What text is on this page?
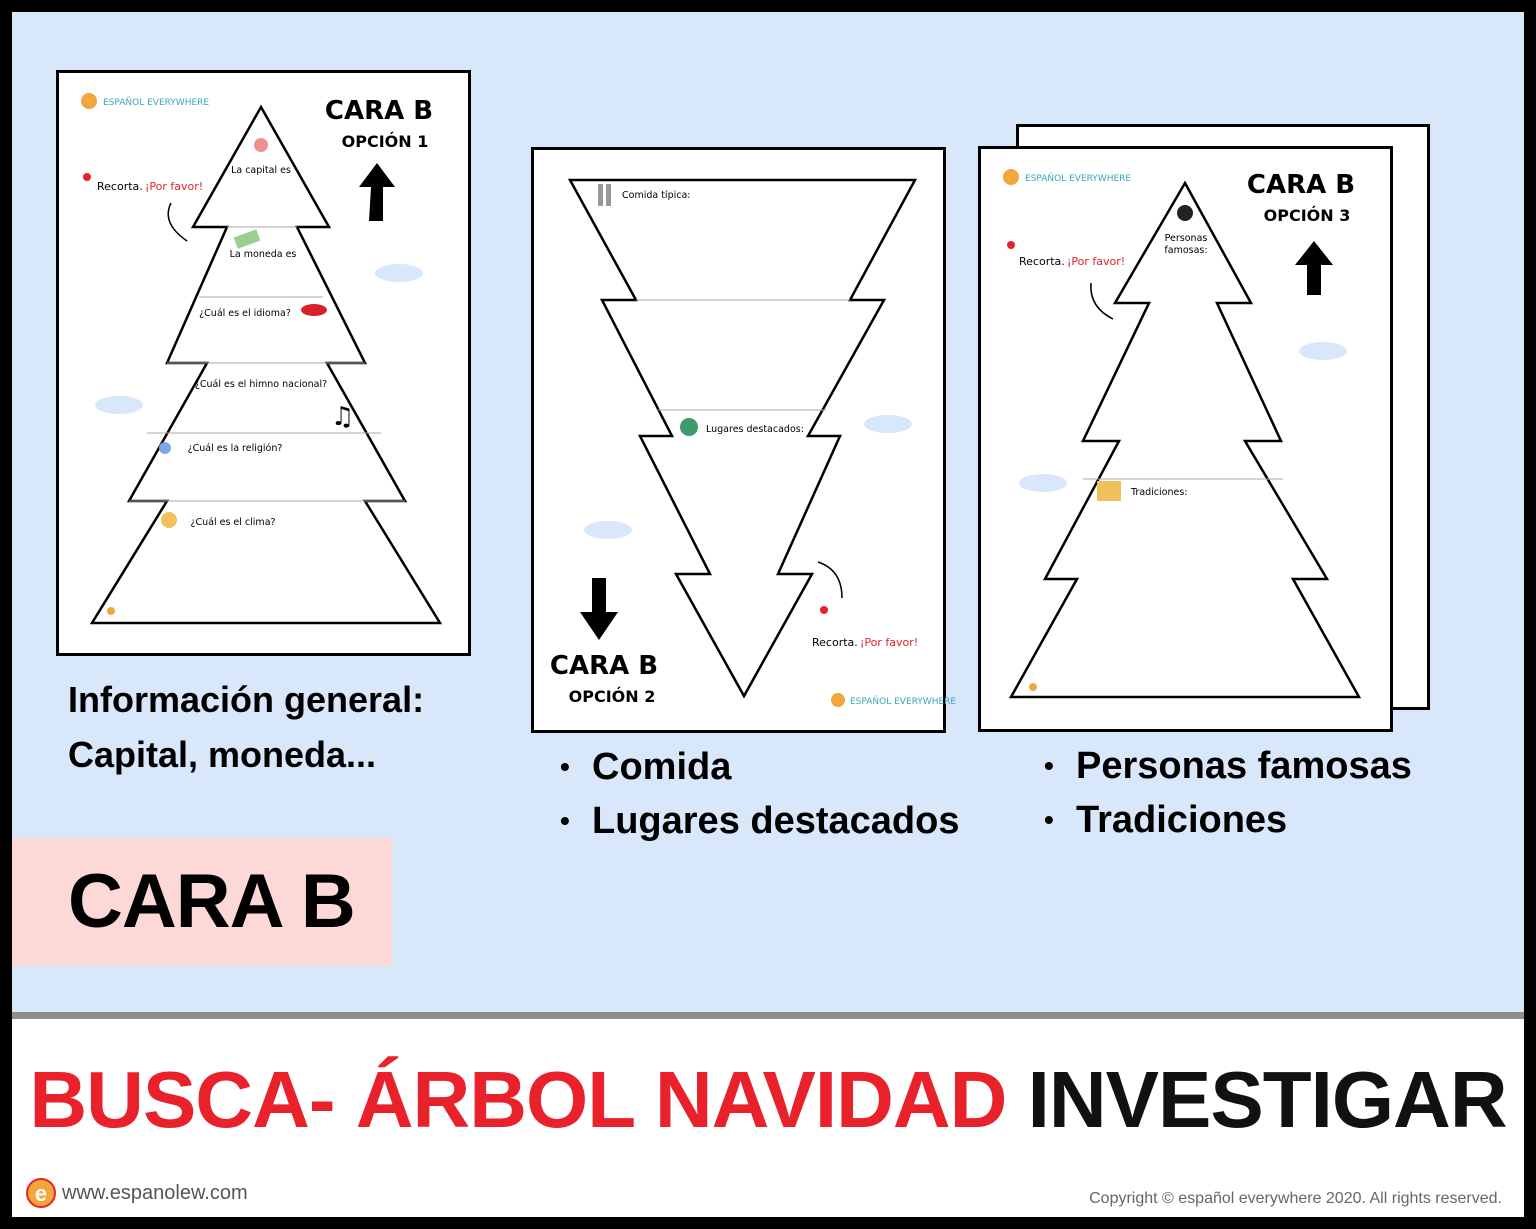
♫
CARA B
OPCIÓN 1
ESPAÑOL EVERYWHERE
Recorta. ¡Por favor!
La capital es
La moneda es
¿Cuál es el idioma?
¿Cuál es el himno nacional?
¿Cuál es la religión?
¿Cuál es el clima?
CARA B
OPCIÓN 2	ESPAÑOL EVERYWHERE
Recorta. ¡Por favor!
Comida típica:
Lugares destacados:
CARA B
OPCIÓN 3
ESPAÑOL EVERYWHERE
Recorta. ¡Por favor!
Personas
famosas:
Tradiciones:
Información general:
Capital, moneda...
•	Comida
• Lugares destacados
• Personas famosas
• Tradiciones
CARA B
BUSCA- ÁRBOL NAVIDAD INVESTIGAR
e www.espanolew.com	Copyright © español everywhere 2020. All rights reserved.
